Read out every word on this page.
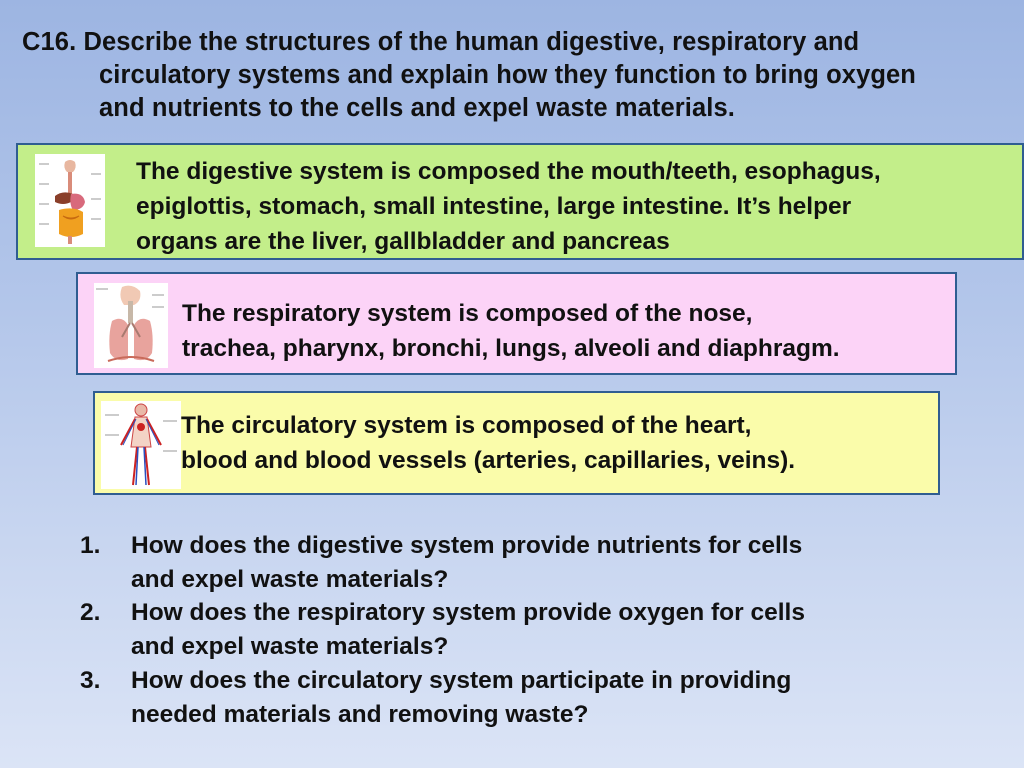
C16. Describe the structures of the human digestive, respiratory and
circulatory systems and explain how they function to bring oxygen
and nutrients to the cells and expel waste materials.
The digestive system is composed the mouth/teeth, esophagus,
epiglottis, stomach, small intestine, large intestine. It’s helper
organs are the liver, gallbladder and pancreas
The respiratory system is composed of the nose,
trachea, pharynx, bronchi, lungs, alveoli and diaphragm.
The circulatory system is composed of the heart,
blood and blood vessels (arteries, capillaries, veins).
1. How does the digestive system provide nutrients for cells
and expel waste materials?
2. How does the respiratory system provide oxygen for cells
and expel waste materials?
3. How does the circulatory system participate in providing
needed materials and removing waste?
